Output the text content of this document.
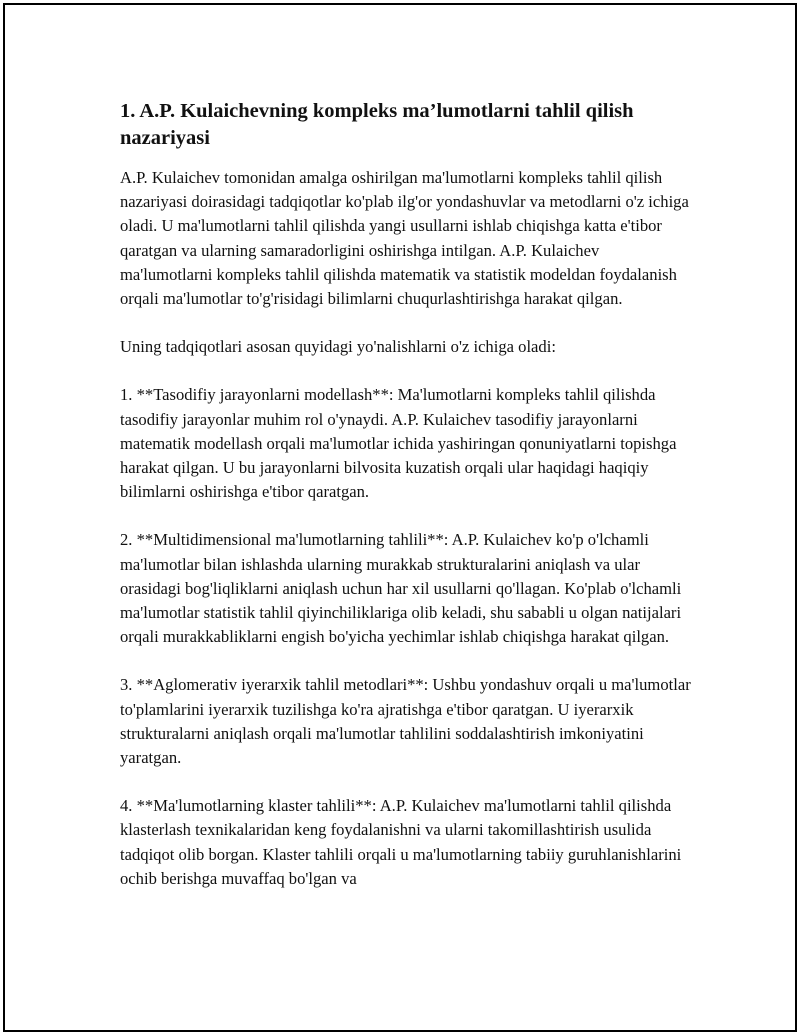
1. A.P. Kulaichevning kompleks ma’lumotlarni tahlil qilish nazariyasi

A.P. Kulaichev tomonidan amalga oshirilgan ma'lumotlarni kompleks tahlil qilish nazariyasi doirasidagi tadqiqotlar ko'plab ilg'or yondashuvlar va metodlarni o'z ichiga oladi. U ma'lumotlarni tahlil qilishda yangi usullarni ishlab chiqishga katta e'tibor qaratgan va ularning samaradorligini oshirishga intilgan. A.P. Kulaichev ma'lumotlarni kompleks tahlil qilishda matematik va statistik modeldan foydalanish orqali ma'lumotlar to'g'risidagi bilimlarni chuqurlashtirishga harakat qilgan.

Uning tadqiqotlari asosan quyidagi yo'nalishlarni o'z ichiga oladi:

1. **Tasodifiy jarayonlarni modellash**: Ma'lumotlarni kompleks tahlil qilishda tasodifiy jarayonlar muhim rol o'ynaydi. A.P. Kulaichev tasodifiy jarayonlarni matematik modellash orqali ma'lumotlar ichida yashiringan qonuniyatlarni topishga harakat qilgan. U bu jarayonlarni bilvosita kuzatish orqali ular haqidagi haqiqiy bilimlarni oshirishga e'tibor qaratgan.

2. **Multidimensional ma'lumotlarning tahlili**: A.P. Kulaichev ko'p o'lchamli ma'lumotlar bilan ishlashda ularning murakkab strukturalarini aniqlash va ular orasidagi bog'liqliklarni aniqlash uchun har xil usullarni qo'llagan. Ko'plab o'lchamli ma'lumotlar statistik tahlil qiyinchiliklariga olib keladi, shu sababli u olgan natijalari orqali murakkabliklarni engish bo'yicha yechimlar ishlab chiqishga harakat qilgan.

3. **Aglomerativ iyerarxik tahlil metodlari**: Ushbu yondashuv orqali u ma'lumotlar to'plamlarini iyerarxik tuzilishga ko'ra ajratishga e'tibor qaratgan. U iyerarxik strukturalarni aniqlash orqali ma'lumotlar tahlilini soddalashtirish imkoniyatini yaratgan.

4. **Ma'lumotlarning klaster tahlili**: A.P. Kulaichev ma'lumotlarni tahlil qilishda klasterlash texnikalaridan keng foydalanishni va ularni takomillashtirish usulida tadqiqot olib borgan. Klaster tahlili orqali u ma'lumotlarning tabiiy guruhlanishlarini ochib berishga muvaffaq bo'lgan va
